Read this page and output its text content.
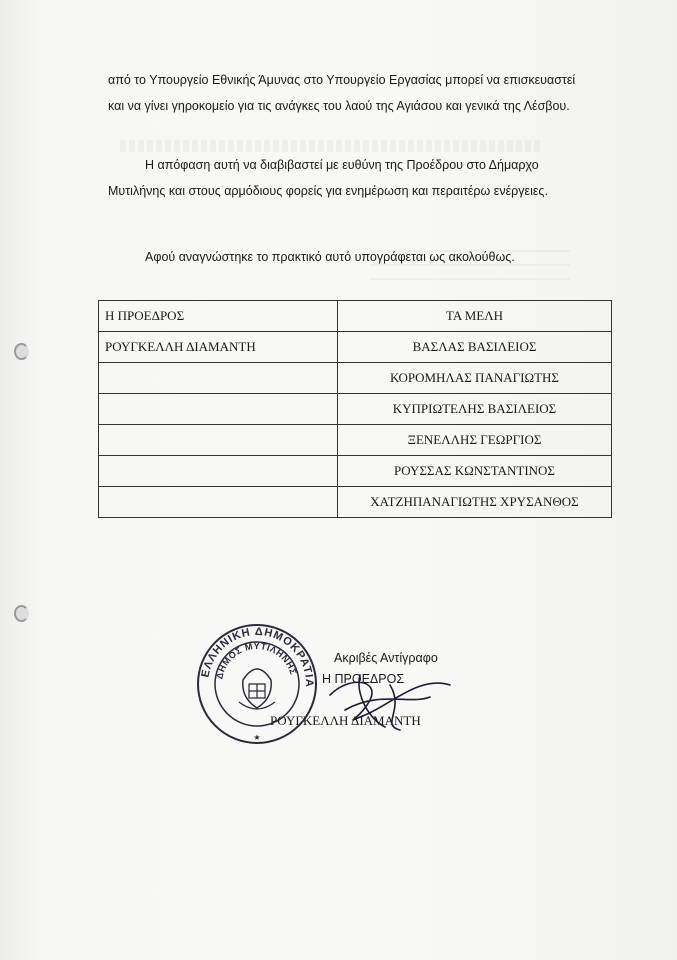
από το Υπουργείο Εθνικής Άμυνας στο Υπουργείο Εργασίας μπορεί να επισκευαστεί
και να γίνει γηροκομείο για τις ανάγκες του λαού της Αγιάσου και γενικά της Λέσβου.
Η απόφαση αυτή να διαβιβαστεί με ευθύνη της Προέδρου στο Δήμαρχο
Μυτιλήνης και στους αρμόδιους φορείς για ενημέρωση και περαιτέρω ενέργειες.
Αφού αναγνώστηκε το πρακτικό αυτό υπογράφεται ως ακολούθως.
Η ΠΡΟΕΔΡΟΣ	ΤΑ ΜΕΛΗ
ΡΟΥΓΚΕΛΛΗ ΔΙΑΜΑΝΤΗ	ΒΑΣΛΑΣ ΒΑΣΙΛΕΙΟΣ
	ΚΟΡΟΜΗΛΑΣ ΠΑΝΑΓΙΩΤΗΣ
	ΚΥΠΡΙΩΤΕΛΗΣ ΒΑΣΙΛΕΙΟΣ
	ΞΕΝΕΛΛΗΣ ΓΕΩΡΓΙΟΣ
	ΡΟΥΣΣΑΣ ΚΩΝΣΤΑΝΤΙΝΟΣ
	ΧΑΤΖΗΠΑΝΑΓΙΩΤΗΣ ΧΡΥΣΑΝΘΟΣ
ΕΛΛΗΝΙΚΗ ΔΗΜΟΚΡΑΤΙΑ
ΔΗΜΟΣ ΜΥΤΙΛΗΝΗΣ
★
Ακριβές Αντίγραφο
Η ΠΡΟΕΔΡΟΣ
ΡΟΥΓΚΕΛΛΗ ΔΙΑΜΑΝΤΗ
